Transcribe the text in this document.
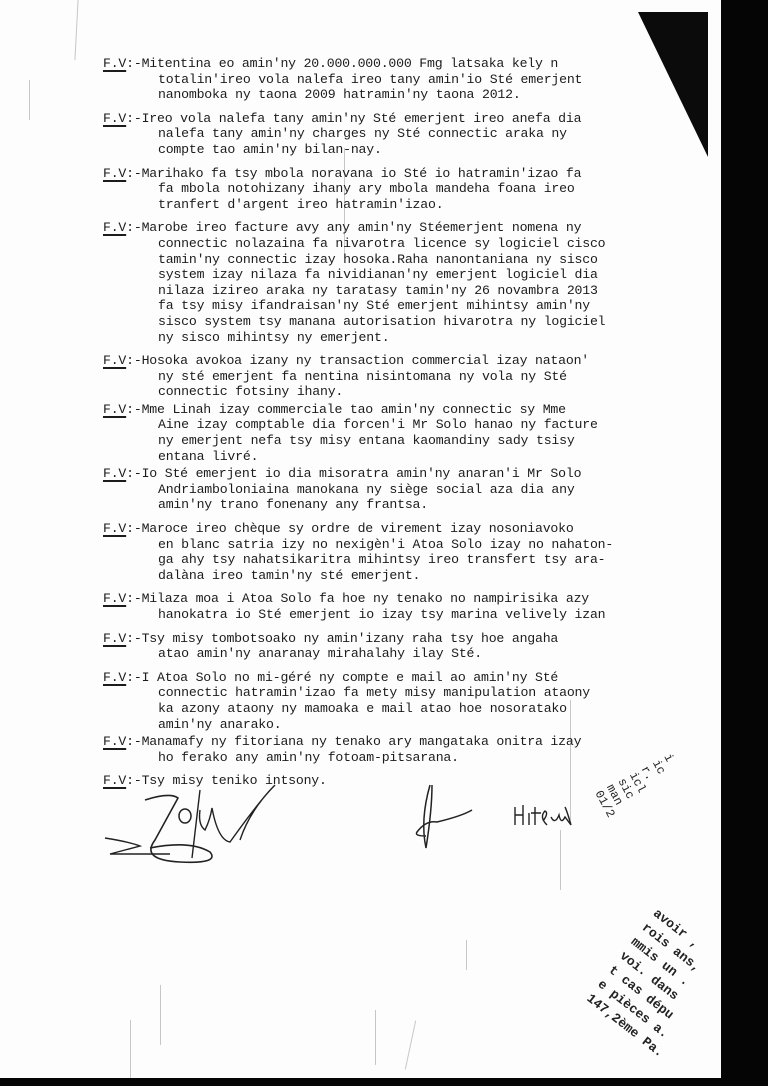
F.V:-Mitentina eo amin'ny 20.000.000.000 Fmg latsaka kely n
totalin'ireo vola nalefa ireo tany amin'io Sté emerjent
nanomboka ny taona 2009 hatramin'ny taona 2012.
F.V:-Ireo vola nalefa tany amin'ny Sté emerjent ireo anefa dia
nalefa tany amin'ny charges ny Sté connectic araka ny
compte tao amin'ny bilan-nay.
F.V:-Marihako fa tsy mbola noravana io Sté io hatramin'izao fa
fa mbola notohizany ihany ary mbola mandeha foana ireo
tranfert d'argent ireo hatramin'izao.
F.V:-Marobe ireo facture avy any amin'ny Stéemerjent nomena ny
connectic nolazaina fa nivarotra licence sy logiciel cisco
tamin'ny connectic izay hosoka.Raha nanontaniana ny sisco
system izay nilaza fa nividianan'ny emerjent logiciel dia
nilaza izireo araka ny taratasy tamin'ny 26 novambra 2013
fa tsy misy ifandraisan'ny Sté emerjent mihintsy amin'ny
sisco system tsy manana autorisation hivarotra ny logiciel
ny sisco mihintsy ny emerjent.
F.V:-Hosoka avokoa izany ny transaction commercial izay nataon'
ny sté emerjent fa nentina nisintomana ny vola ny Sté
connectic fotsiny ihany.
F.V:-Mme Linah izay commerciale tao amin'ny connectic sy Mme
Aine izay comptable dia forcen'i Mr Solo hanao ny facture
ny emerjent nefa tsy misy entana kaomandiny sady tsisy
entana livré.
F.V:-Io Sté emerjent io dia misoratra amin'ny anaran'i Mr Solo
Andriamboloniaina manokana ny siège social aza dia any
amin'ny trano fonenany any frantsa.
F.V:-Maroce ireo chèque sy ordre de virement izay nosoniavoko
en blanc satria izy no nexigèn'i Atoa Solo izay no nahaton-
ga ahy tsy nahatsikaritra mihintsy ireo transfert tsy ara-
dalàna ireo tamin'ny sté emerjent.
F.V:-Milaza moa i Atoa Solo fa hoe ny tenako no nampirisika azy
hanokatra io Sté emerjent io izay tsy marina velively izan
F.V:-Tsy misy tombotsoako ny amin'izany raha tsy hoe angaha
atao amin'ny anaranay mirahalahy ilay Sté.
F.V:-I Atoa Solo no mi-géré ny compte e mail ao amin'ny Sté
connectic hatramin'izao fa mety misy manipulation ataony
ka azony ataony ny mamoaka e mail atao hoe nosoratako
amin'ny anarako.
F.V:-Manamafy ny fitoriana ny tenako ary mangataka onitra izay
ho ferako any amin'ny fotoam-pitsarana.
F.V:-Tsy misy teniko intsony.
i
ic
r.
icl
sic
man
01/2
avoir ,
rois ans,
mmis un .
voi. dans
t cas dépu
e pièces a.
147,2ème Pa.
